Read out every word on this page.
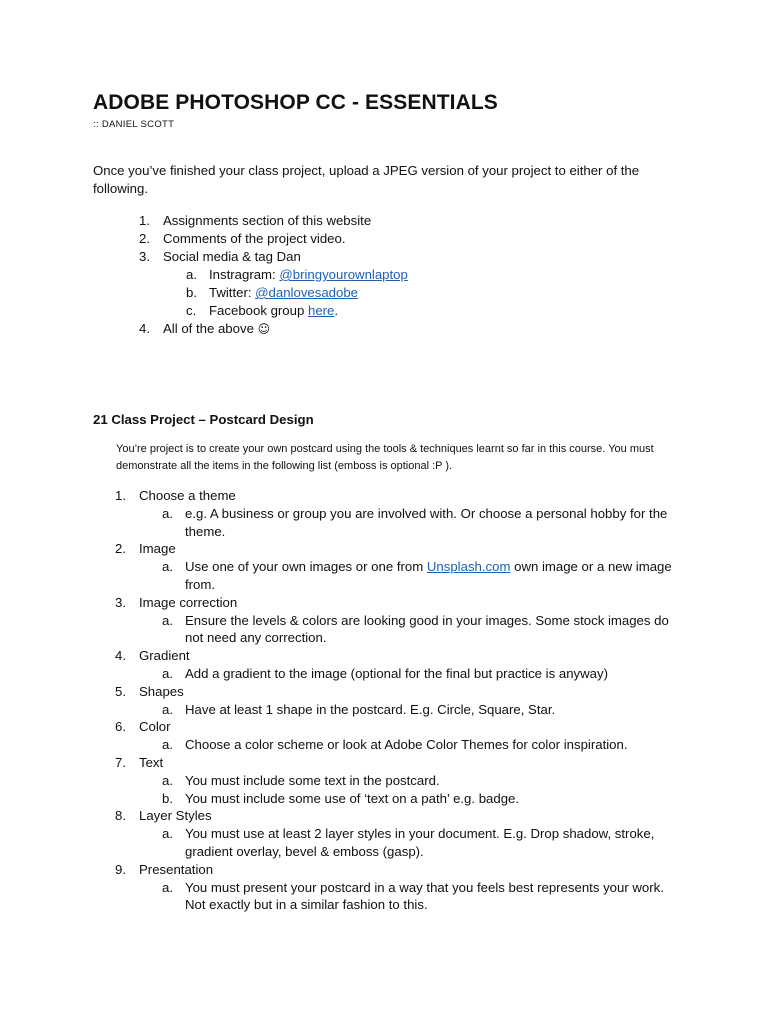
ADOBE PHOTOSHOP CC - ESSENTIALS
:: DANIEL SCOTT

Once you’ve finished your class project, upload a JPEG version of your project to either of the following.

1. Assignments section of this website
2. Comments of the project video.
3. Social media & tag Dan
a. Instragram: @bringyourownlaptop
b. Twitter: @danlovesadobe
c. Facebook group here.
4. All of the above ☺
21 Class Project – Postcard Design

You’re project is to create your own postcard using the tools & techniques learnt so far in this course. You must demonstrate all the items in the following list (emboss is optional :P ).

1. Choose a theme
a. e.g. A business or group you are involved with. Or choose a personal hobby for the theme.
2. Image
a. Use one of your own images or one from Unsplash.com own image or a new image from.
3. Image correction
a. Ensure the levels & colors are looking good in your images. Some stock images do not need any correction.
4. Gradient
a. Add a gradient to the image (optional for the final but practice is anyway)
5. Shapes
a. Have at least 1 shape in the postcard. E.g. Circle, Square, Star.
6. Color
a. Choose a color scheme or look at Adobe Color Themes for color inspiration.
7. Text
a. You must include some text in the postcard.
b. You must include some use of ‘text on a path’ e.g. badge.
8. Layer Styles
a. You must use at least 2 layer styles in your document. E.g. Drop shadow, stroke, gradient overlay, bevel & emboss (gasp).
9. Presentation
a. You must present your postcard in a way that you feels best represents your work. Not exactly but in a similar fashion to this.
